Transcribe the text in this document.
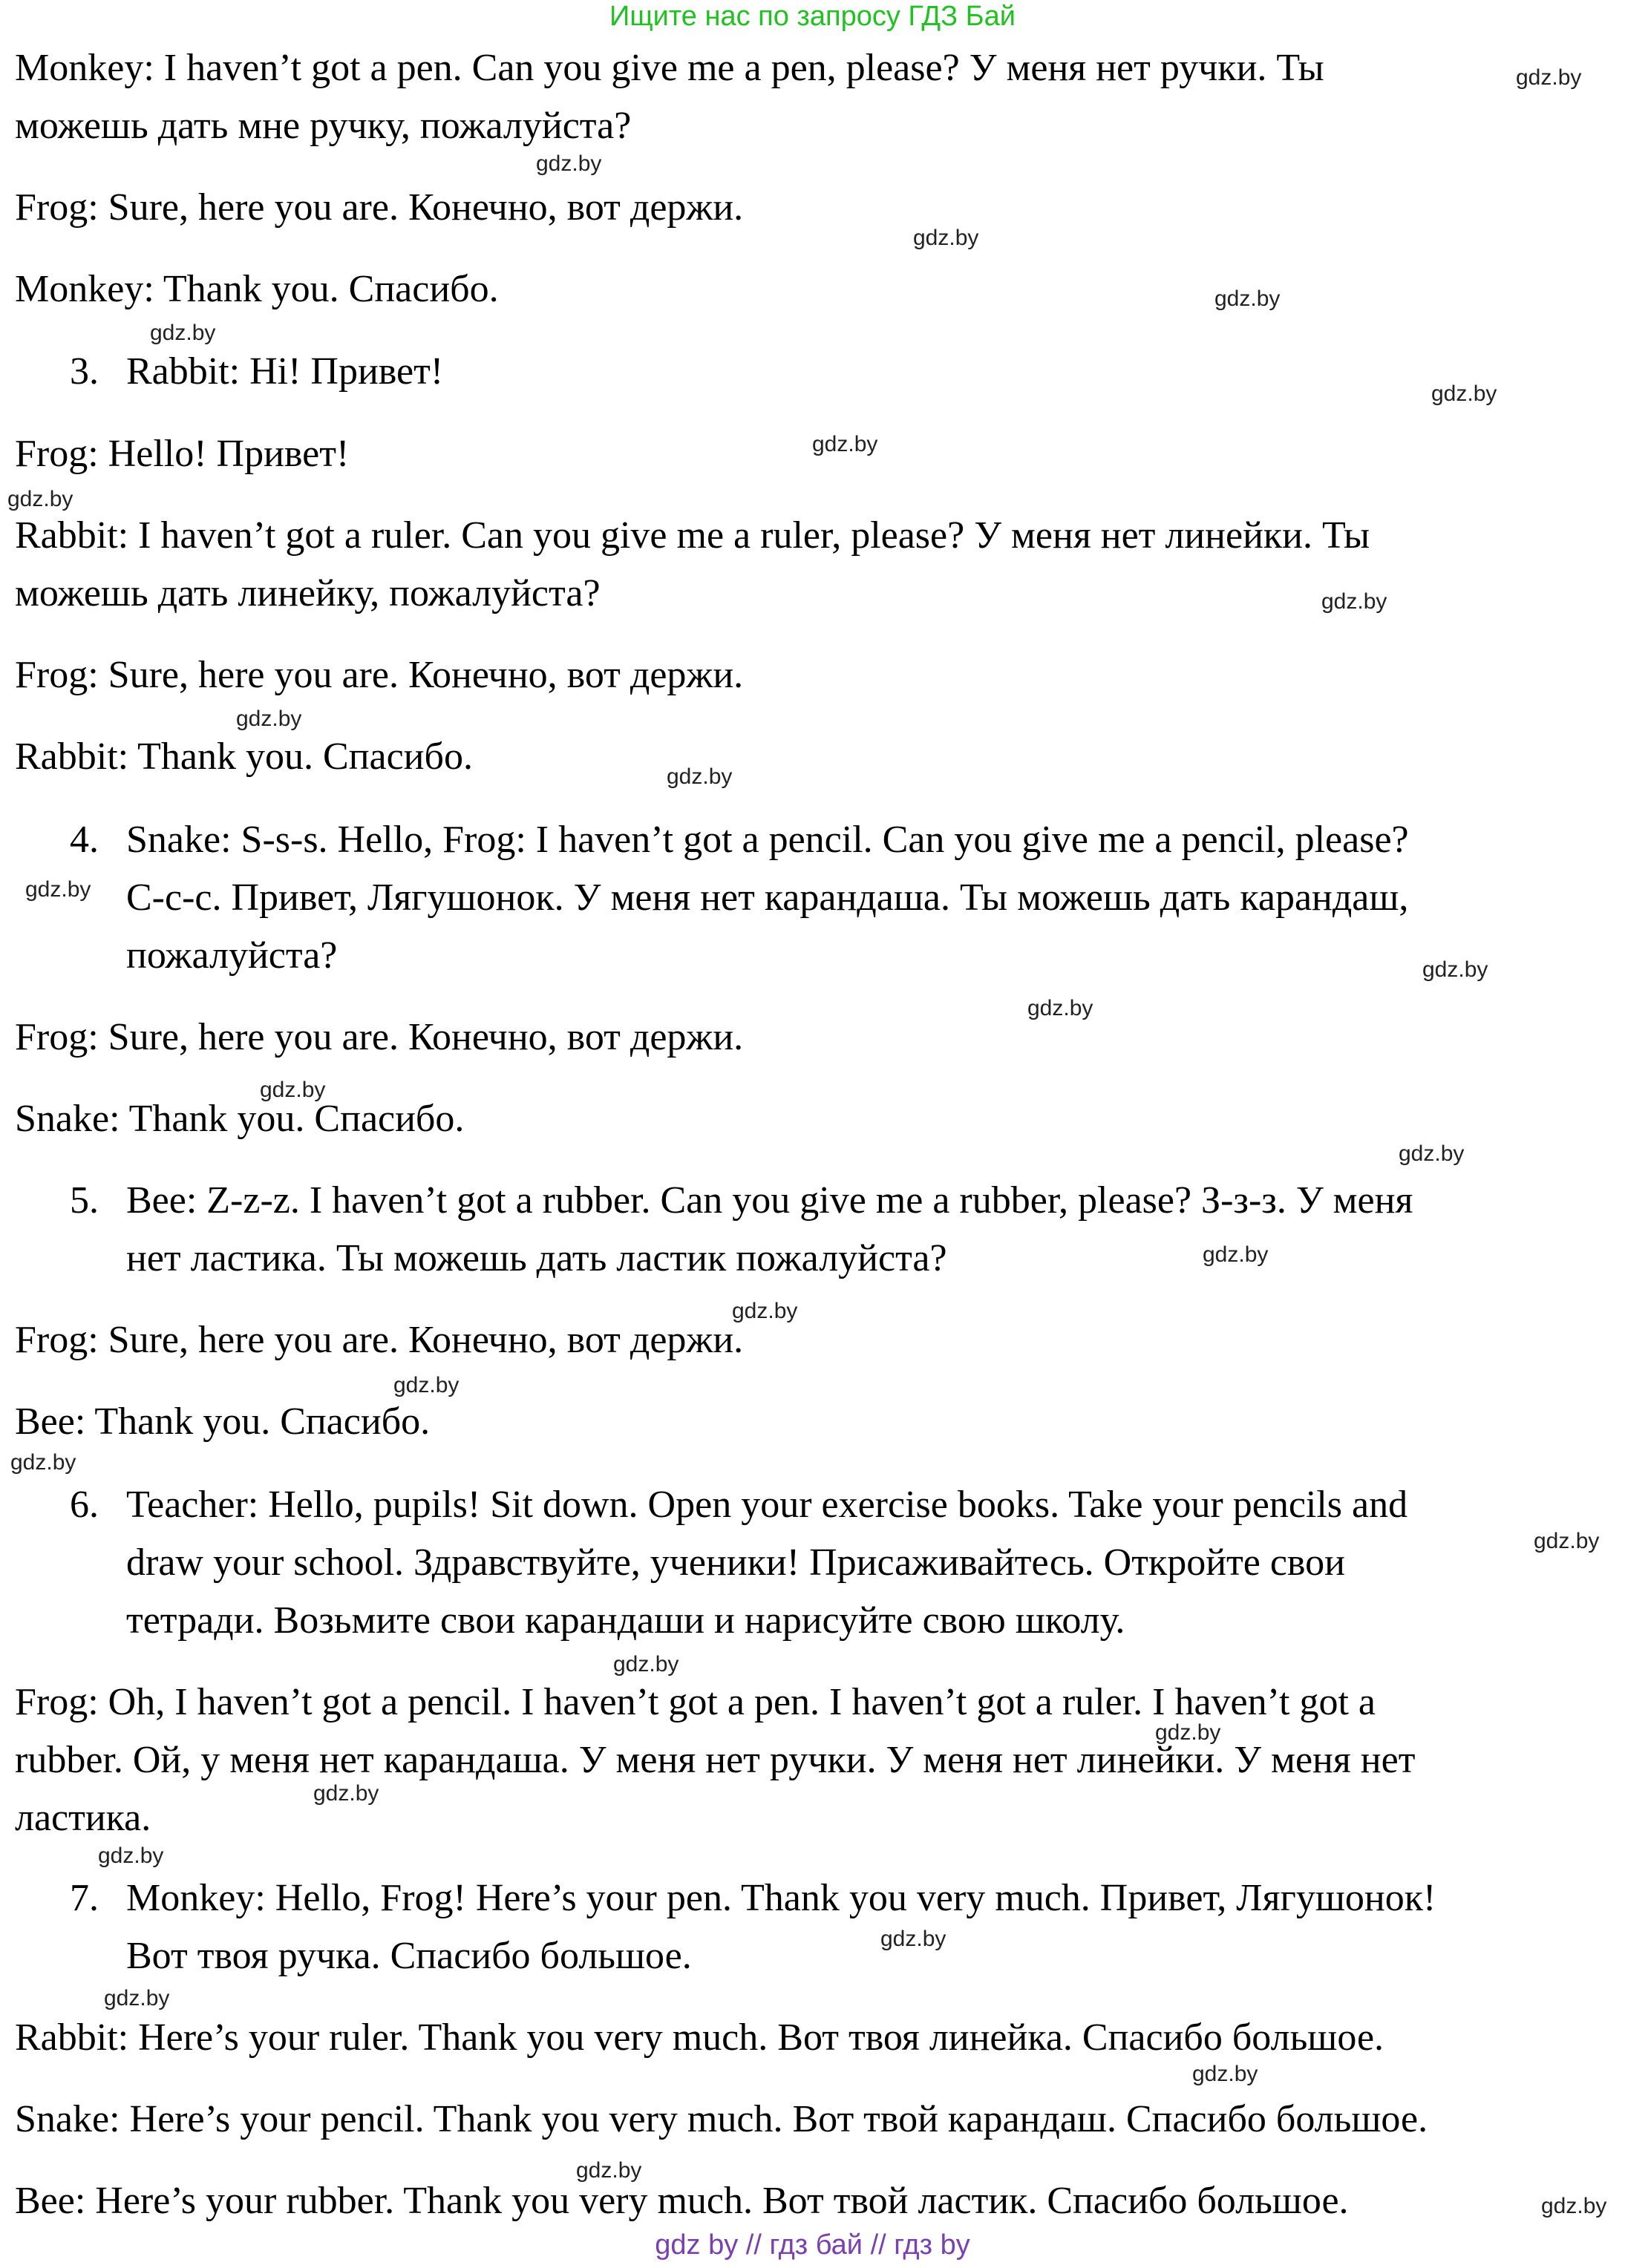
Ищите нас по запросу ГДЗ Бай
Monkey: I haven’t got a pen. Can you give me a pen, please? У меня нет ручки. Ты
можешь дать мне ручку, пожалуйста?
Frog: Sure, here you are. Конечно, вот держи.
Monkey: Thank you. Спасибо.
3. Rabbit: Hi! Привет!
Frog: Hello! Привет!
Rabbit: I haven’t got a ruler. Can you give me a ruler, please? У меня нет линейки. Ты
можешь дать линейку, пожалуйста?
Frog: Sure, here you are. Конечно, вот держи.
Rabbit: Thank you. Спасибо.
4. Snake: S-s-s. Hello, Frog: I haven’t got a pencil. Can you give me a pencil, please?
С-с-с. Привет, Лягушонок. У меня нет карандаша. Ты можешь дать карандаш,
пожалуйста?
Frog: Sure, here you are. Конечно, вот держи.
Snake: Thank you. Спасибо.
5. Bee: Z-z-z. I haven’t got a rubber. Can you give me a rubber, please? З-з-з. У меня
нет ластика. Ты можешь дать ластик пожалуйста?
Frog: Sure, here you are. Конечно, вот держи.
Bee: Thank you. Спасибо.
6. Teacher: Hello, pupils! Sit down. Open your exercise books. Take your pencils and
draw your school. Здравствуйте, ученики! Присаживайтесь. Откройте свои
тетради. Возьмите свои карандаши и нарисуйте свою школу.
Frog: Oh, I haven’t got a pencil. I haven’t got a pen. I haven’t got a ruler. I haven’t got a
rubber. Ой, у меня нет карандаша. У меня нет ручки. У меня нет линейки. У меня нет
ластика.
7. Monkey: Hello, Frog! Here’s your pen. Thank you very much. Привет, Лягушонок!
Вот твоя ручка. Спасибо большое.
Rabbit: Here’s your ruler. Thank you very much. Вот твоя линейка. Спасибо большое.
Snake: Here’s your pencil. Thank you very much. Вот твой карандаш. Спасибо большое.
Bee: Here’s your rubber. Thank you very much. Вот твой ластик. Спасибо большое.
gdz.by
gdz.by
gdz.by
gdz.by
gdz.by
gdz.by
gdz.by
gdz.by
gdz.by
gdz.by
gdz.by
gdz.by
gdz.by
gdz.by
gdz.by
gdz.by
gdz.by
gdz.by
gdz.by
gdz.by
gdz.by
gdz.by
gdz.by
gdz.by
gdz.by
gdz.by
gdz.by
gdz.by
gdz.by
gdz.by
gdz by // гдз бай // гдз by
